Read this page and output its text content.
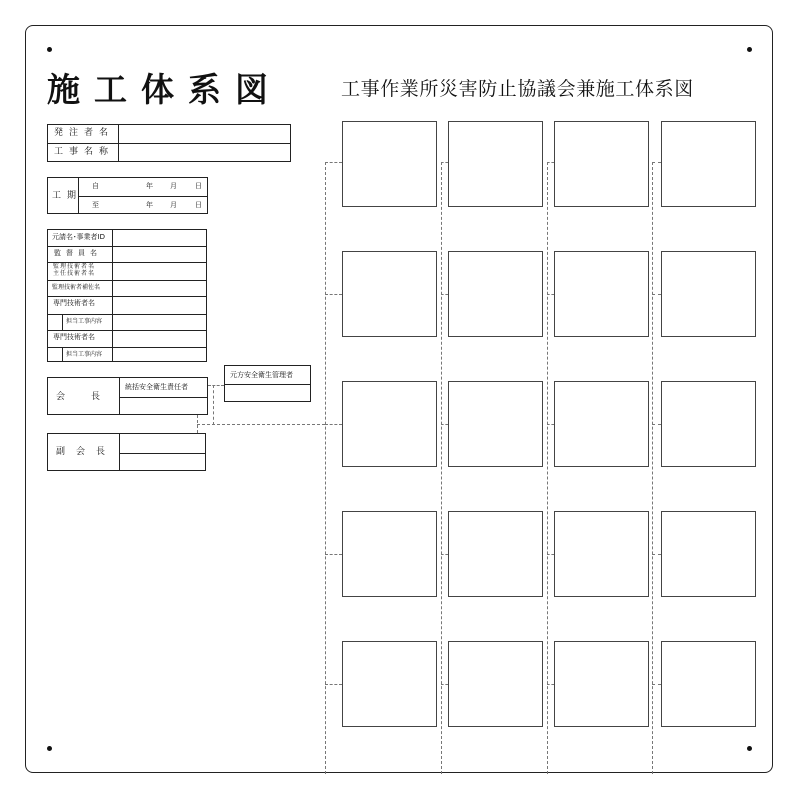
施工体系図	工事作業所災害防止協議会兼施工体系図
発注者名
工事名称
工期
自	年 月	日
至	年 月	日
元請名･事業者ID
監督員名
監理技術者名
主任技術者名
監理技術者補佐名
専門技術者名
担当工事内容
専門技術者名
担当工事内容
会長
統括安全衛生責任者
元方安全衛生管理者
副会長
